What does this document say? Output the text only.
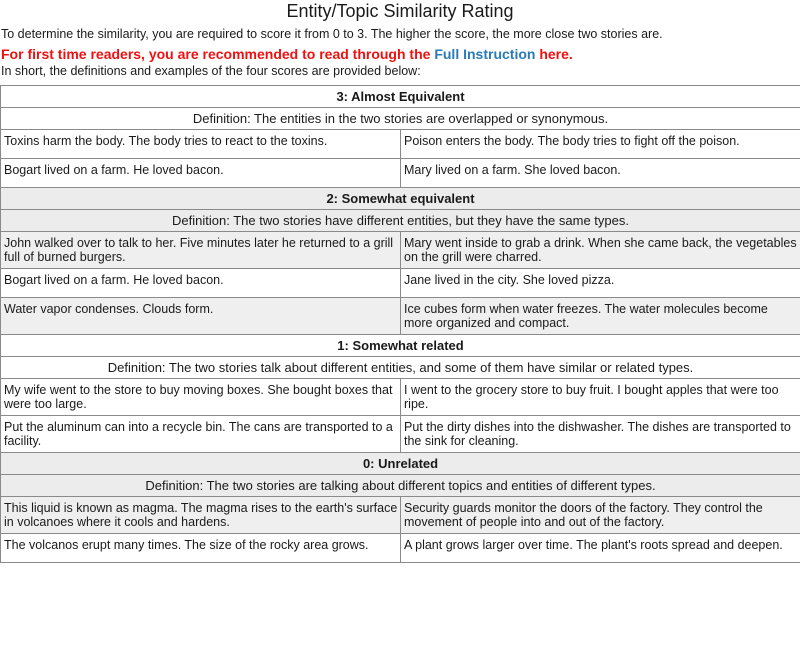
Entity/Topic Similarity Rating

To determine the similarity, you are required to score it from 0 to 3. The higher the score, the more close two stories are.

For first time readers, you are recommended to read through the Full Instruction here.

In short, the definitions and examples of the four scores are provided below:

3: Almost Equivalent	
Definition: The entities in the two stories are overlapped or synonymous.	
Toxins harm the body. The body tries to react to the toxins.	Poison enters the body. The body tries to fight off the poison.
Bogart lived on a farm. He loved bacon.	Mary lived on a farm. She loved bacon.
2: Somewhat equivalent	
Definition: The two stories have different entities, but they have the same types.	
John walked over to talk to her. Five minutes later he returned to a grill full of burned burgers.	Mary went inside to grab a drink. When she came back, the vegetables on the grill were charred.
Bogart lived on a farm. He loved bacon.	Jane lived in the city. She loved pizza.
Water vapor condenses. Clouds form.	Ice cubes form when water freezes. The water molecules become more organized and compact.
1: Somewhat related	
Definition: The two stories talk about different entities, and some of them have similar or related types.	
My wife went to the store to buy moving boxes. She bought boxes that were too large.	I went to the grocery store to buy fruit. I bought apples that were too ripe.
Put the aluminum can into a recycle bin. The cans are transported to a facility.	Put the dirty dishes into the dishwasher. The dishes are transported to the sink for cleaning.
0: Unrelated	
Definition: The two stories are talking about different topics and entities of different types.	
This liquid is known as magma. The magma rises to the earth's surface in volcanoes where it cools and hardens.	Security guards monitor the doors of the factory. They control the movement of people into and out of the factory.
The volcanos erupt many times. The size of the rocky area grows.	A plant grows larger over time. The plant's roots spread and deepen.
